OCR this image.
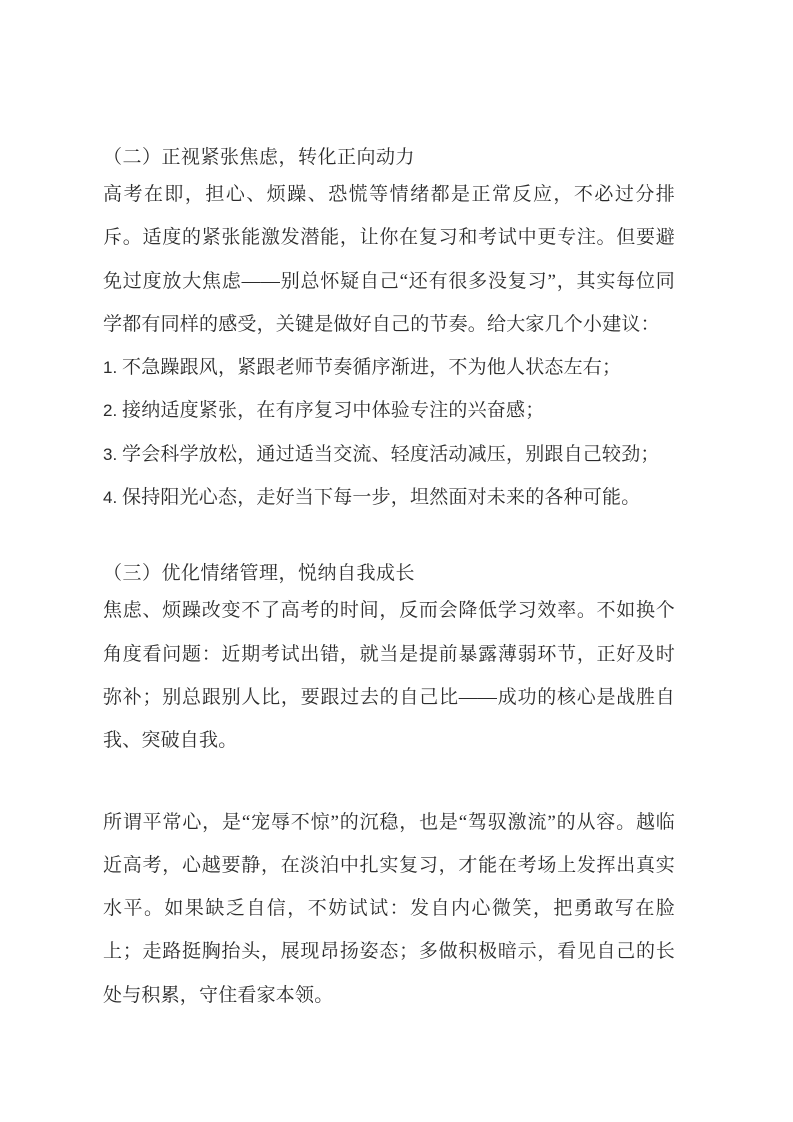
（二）正视紧张焦虑，转化正向动力

高考在即，担心、烦躁、恐慌等情绪都是正常反应，不必过分排斥。适度的紧张能激发潜能，让你在复习和考试中更专注。但要避免过度放大焦虑——别总怀疑自己“还有很多没复习”，其实每位同学都有同样的感受，关键是做好自己的节奏。给大家几个小建议：

1. 不急躁跟风，紧跟老师节奏循序渐进，不为他人状态左右；
2. 接纳适度紧张，在有序复习中体验专注的兴奋感；
3. 学会科学放松，通过适当交流、轻度活动减压，别跟自己较劲；
4. 保持阳光心态，走好当下每一步，坦然面对未来的各种可能。
（三）优化情绪管理，悦纳自我成长

焦虑、烦躁改变不了高考的时间，反而会降低学习效率。不如换个角度看问题：近期考试出错，就当是提前暴露薄弱环节，正好及时弥补；别总跟别人比，要跟过去的自己比——成功的核心是战胜自我、突破自我。

所谓平常心，是“宠辱不惊”的沉稳，也是“驾驭激流”的从容。越临近高考，心越要静，在淡泊中扎实复习，才能在考场上发挥出真实水平。如果缺乏自信，不妨试试：发自内心微笑，把勇敢写在脸上；走路挺胸抬头，展现昂扬姿态；多做积极暗示，看见自己的长处与积累，守住看家本领。
